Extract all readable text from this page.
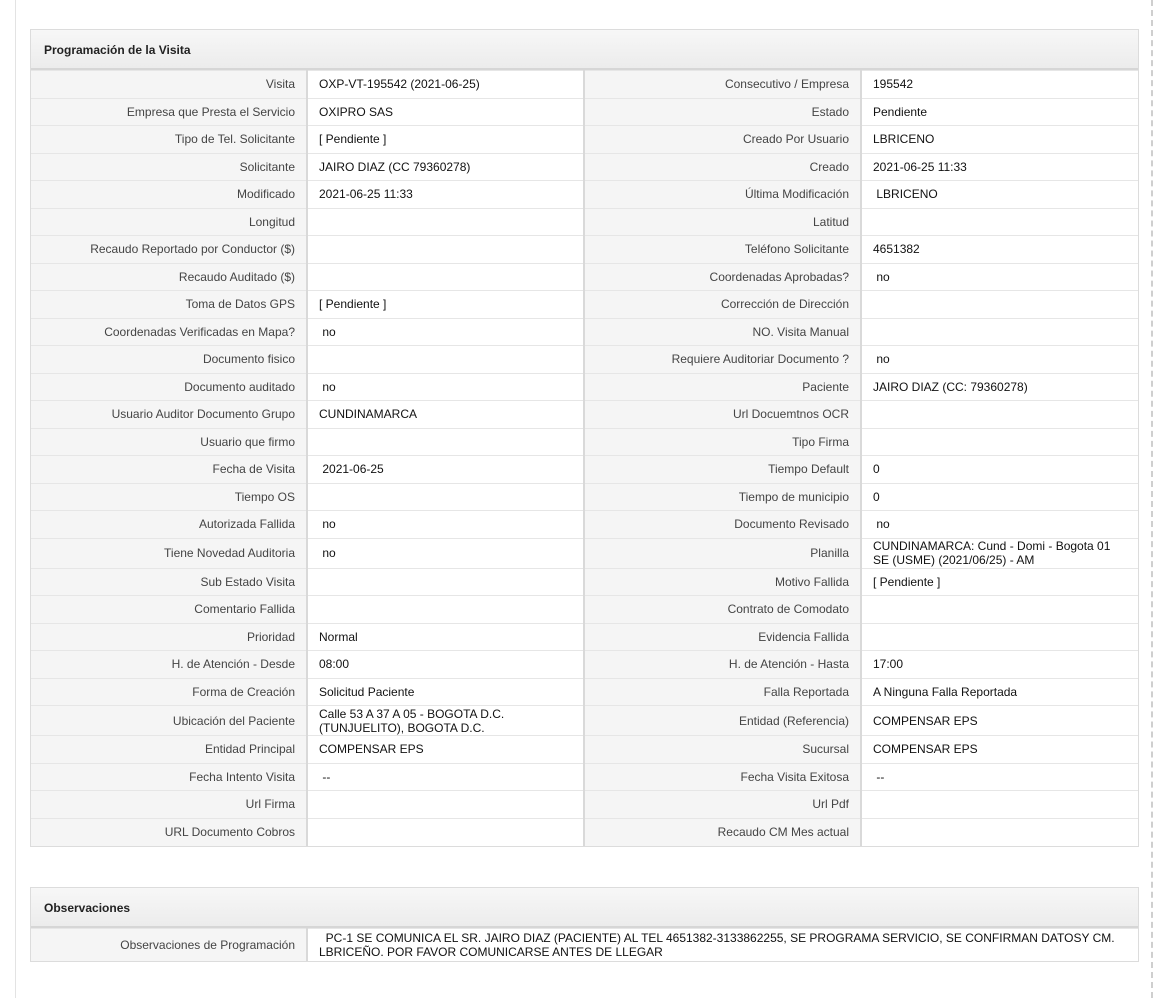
Programación de la Visita
Visita	OXP-VT-195542 (2021-06-25)	Consecutivo / Empresa	195542
Empresa que Presta el Servicio	OXIPRO SAS	Estado	Pendiente
Tipo de Tel. Solicitante	[ Pendiente ]	Creado Por Usuario	LBRICENO
Solicitante	JAIRO DIAZ (CC 79360278)	Creado	2021-06-25 11:33
Modificado	2021-06-25 11:33	Última Modificación	LBRICENO
Longitud		Latitud	
Recaudo Reportado por Conductor ($)		Teléfono Solicitante	4651382
Recaudo Auditado ($)		Coordenadas Aprobadas?	no
Toma de Datos GPS	[ Pendiente ]	Corrección de Dirección	
Coordenadas Verificadas en Mapa?	no	NO. Visita Manual	
Documento fisico		Requiere Auditoriar Documento ?	no
Documento auditado	no	Paciente	JAIRO DIAZ (CC: 79360278)
Usuario Auditor Documento Grupo	CUNDINAMARCA	Url Docuemtnos OCR	
Usuario que firmo		Tipo Firma	
Fecha de Visita	2021-06-25	Tiempo Default	0
Tiempo OS		Tiempo de municipio	0
Autorizada Fallida	no	Documento Revisado	no
Tiene Novedad Auditoria	no	Planilla	CUNDINAMARCA: Cund - Domi - Bogota 01 SE (USME) (2021/06/25) - AM
Sub Estado Visita		Motivo Fallida	[ Pendiente ]
Comentario Fallida		Contrato de Comodato	
Prioridad	Normal	Evidencia Fallida	
H. de Atención - Desde	08:00	H. de Atención - Hasta	17:00
Forma de Creación	Solicitud Paciente	Falla Reportada	A Ninguna Falla Reportada
Ubicación del Paciente	Calle 53 A 37 A 05 - BOGOTA D.C. (TUNJUELITO), BOGOTA D.C.	Entidad (Referencia)	COMPENSAR EPS
Entidad Principal	COMPENSAR EPS	Sucursal	COMPENSAR EPS
Fecha Intento Visita	--	Fecha Visita Exitosa	--
Url Firma		Url Pdf	
URL Documento Cobros		Recaudo CM Mes actual	
Observaciones
Observaciones de Programación	PC-1 SE COMUNICA EL SR. JAIRO DIAZ (PACIENTE) AL TEL 4651382-3133862255, SE PROGRAMA SERVICIO, SE CONFIRMAN DATOSY CM. LBRICEÑO. POR FAVOR COMUNICARSE ANTES DE LLEGAR
